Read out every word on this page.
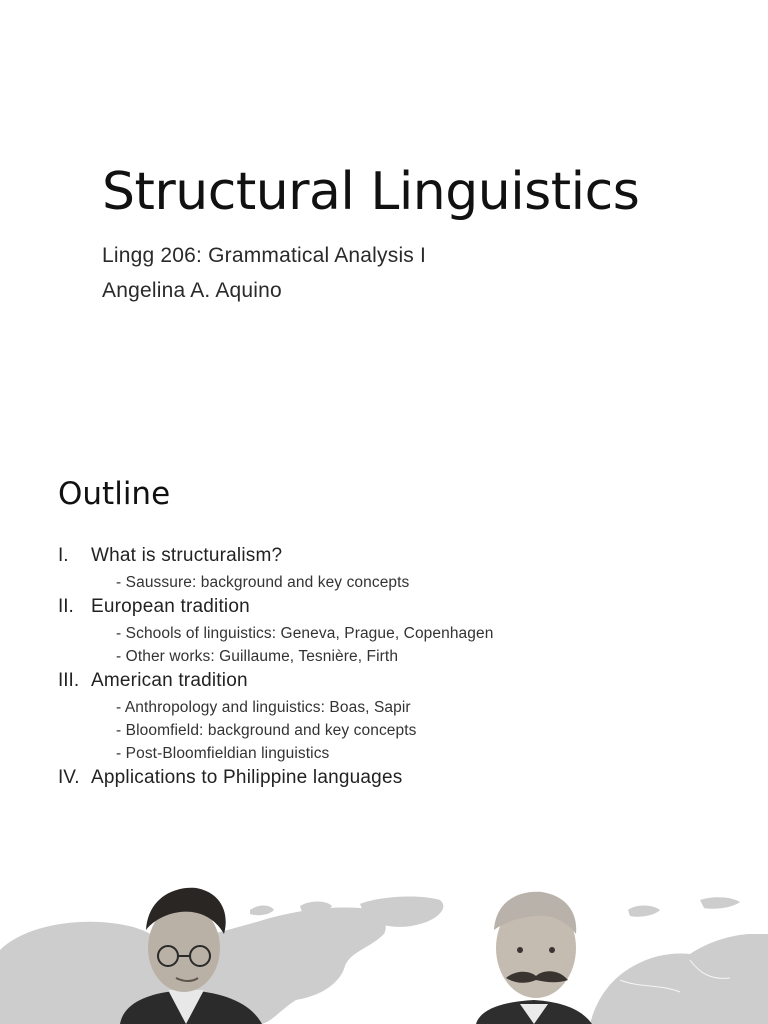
Structural Linguistics
Lingg 206: Grammatical Analysis I
Angelina A. Aquino
Outline
I.	What is structuralism?
- Saussure: background and key concepts
II. European tradition
- Schools of linguistics: Geneva, Prague, Copenhagen
- Other works: Guillaume, Tesnière, Firth
III. American tradition
- Anthropology and linguistics: Boas, Sapir
- Bloomfield: background and key concepts
- Post-Bloomfieldian linguistics
IV. Applications to Philippine languages
